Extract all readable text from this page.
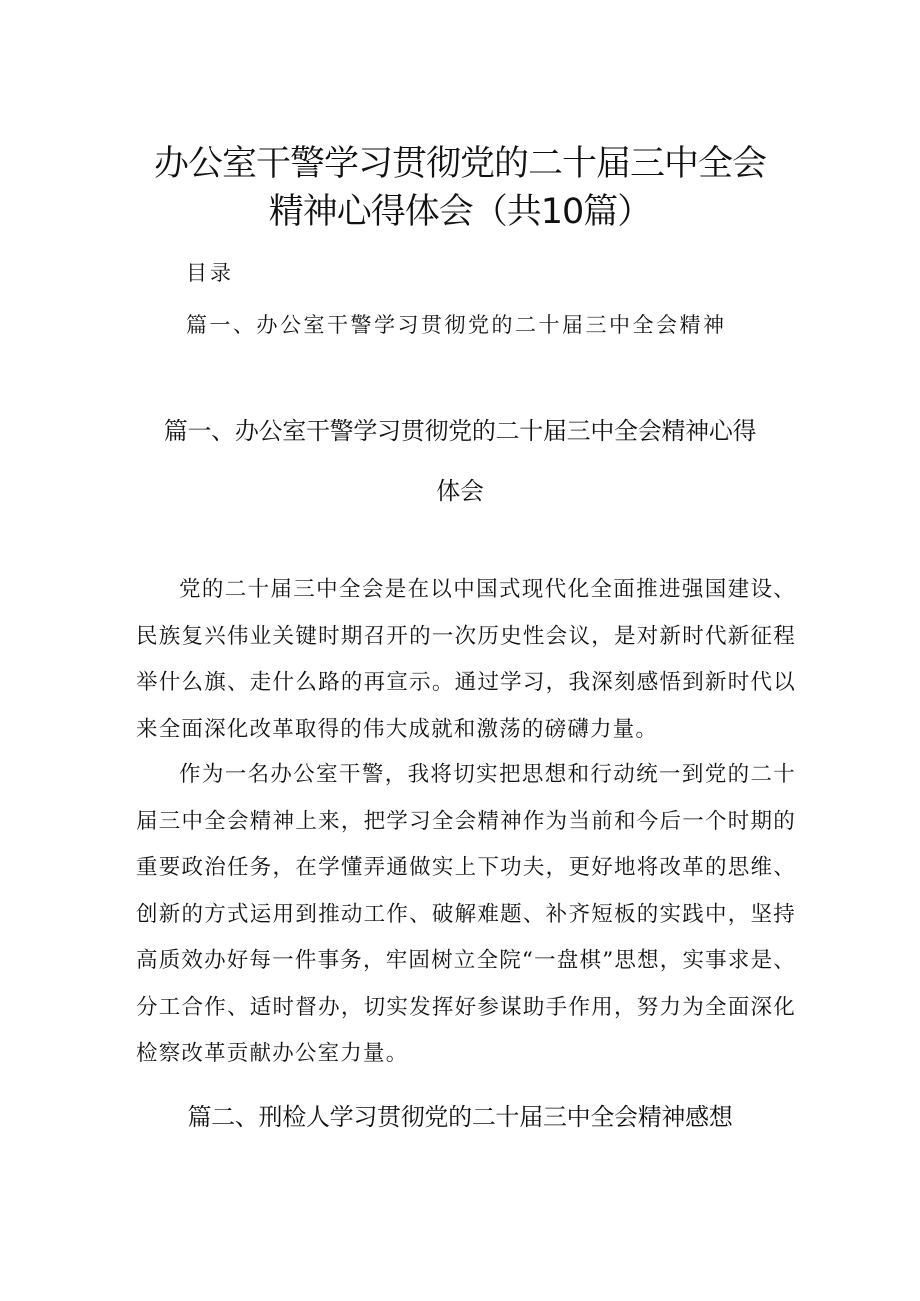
办公室干警学习贯彻党的二十届三中全会
精神心得体会（共10篇）
目录
篇一、办公室干警学习贯彻党的二十届三中全会精神
篇一、办公室干警学习贯彻党的二十届三中全会精神心得
体会

党的二十届三中全会是在以中国式现代化全面推进强国建设、民族复兴伟业关键时期召开的一次历史性会议，是对新时代新征程举什么旗、走什么路的再宣示。通过学习，我深刻感悟到新时代以来全面深化改革取得的伟大成就和激荡的磅礴力量。

作为一名办公室干警，我将切实把思想和行动统一到党的二十届三中全会精神上来，把学习全会精神作为当前和今后一个时期的重要政治任务，在学懂弄通做实上下功夫，更好地将改革的思维、创新的方式运用到推动工作、破解难题、补齐短板的实践中，坚持高质效办好每一件事务，牢固树立全院“一盘棋”思想，实事求是、分工合作、适时督办，切实发挥好参谋助手作用，努力为全面深化检察改革贡献办公室力量。

篇二、刑检人学习贯彻党的二十届三中全会精神感想
